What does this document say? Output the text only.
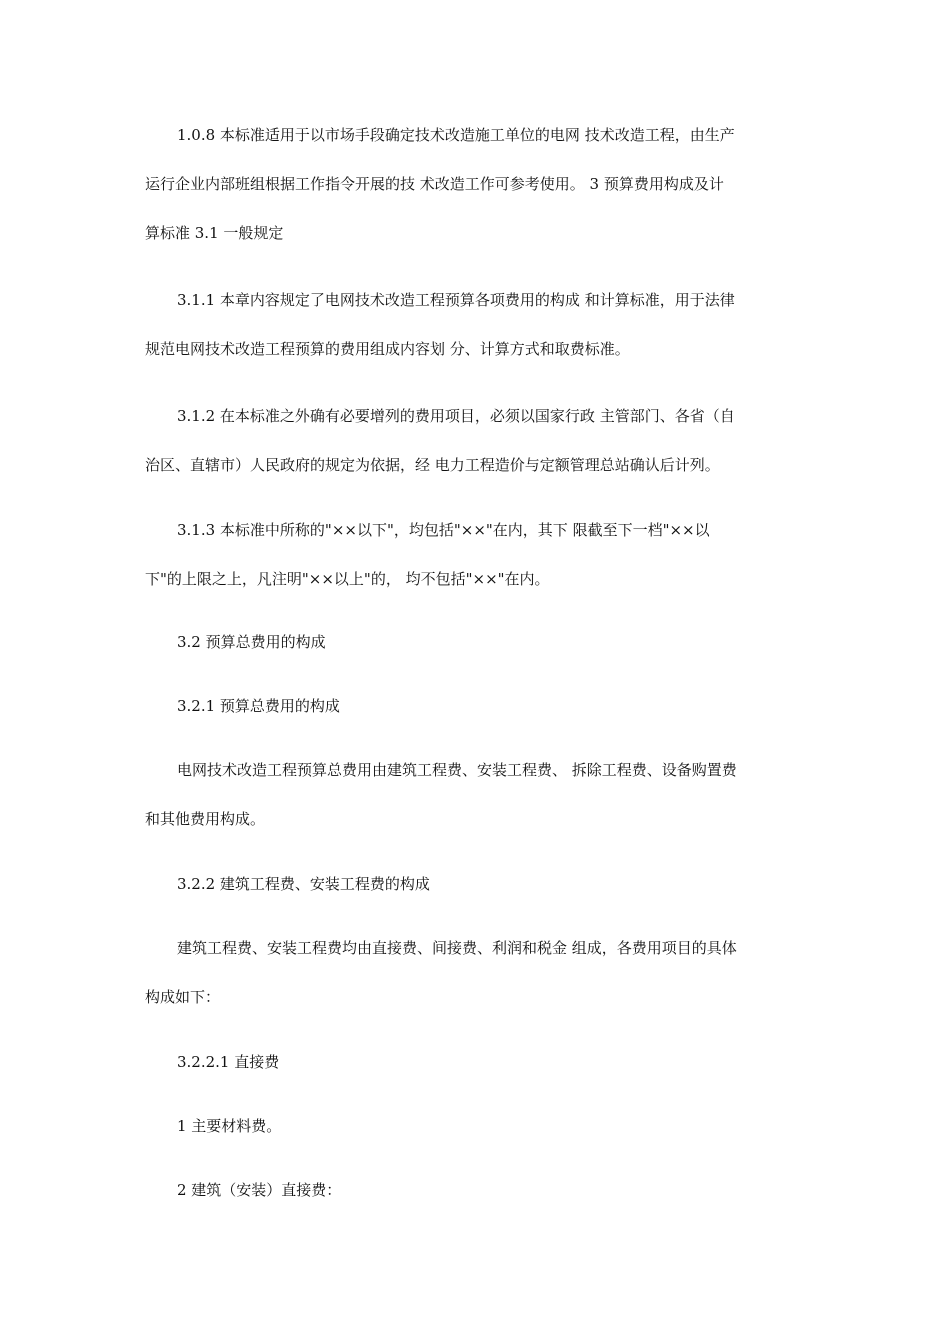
1.0.8 本标准适用于以市场手段确定技术改造施工单位的电网 技术改造工程，由生产
运行企业内部班组根据工作指令开展的技 术改造工作可参考使用。 3 预算费用构成及计
算标准 3.1 一般规定
3.1.1 本章内容规定了电网技术改造工程预算各项费用的构成 和计算标准，用于法律
规范电网技术改造工程预算的费用组成内容划 分、计算方式和取费标准。
3.1.2 在本标准之外确有必要增列的费用项目，必须以国家行政 主管部门、各省（自
治区、直辖市）人民政府的规定为依据，经 电力工程造价与定额管理总站确认后计列。
3.1.3 本标准中所称的"××以下"，均包括"××"在内，其下 限截至下一档"××以
下"的上限之上，凡注明"××以上"的， 均不包括"××"在内。
3.2 预算总费用的构成
3.2.1 预算总费用的构成
电网技术改造工程预算总费用由建筑工程费、安装工程费、 拆除工程费、设备购置费
和其他费用构成。
3.2.2 建筑工程费、安装工程费的构成
建筑工程费、安装工程费均由直接费、间接费、利润和税金 组成，各费用项目的具体
构成如下：
3.2.2.1 直接费
1 主要材料费。
2 建筑（安装）直接费：
